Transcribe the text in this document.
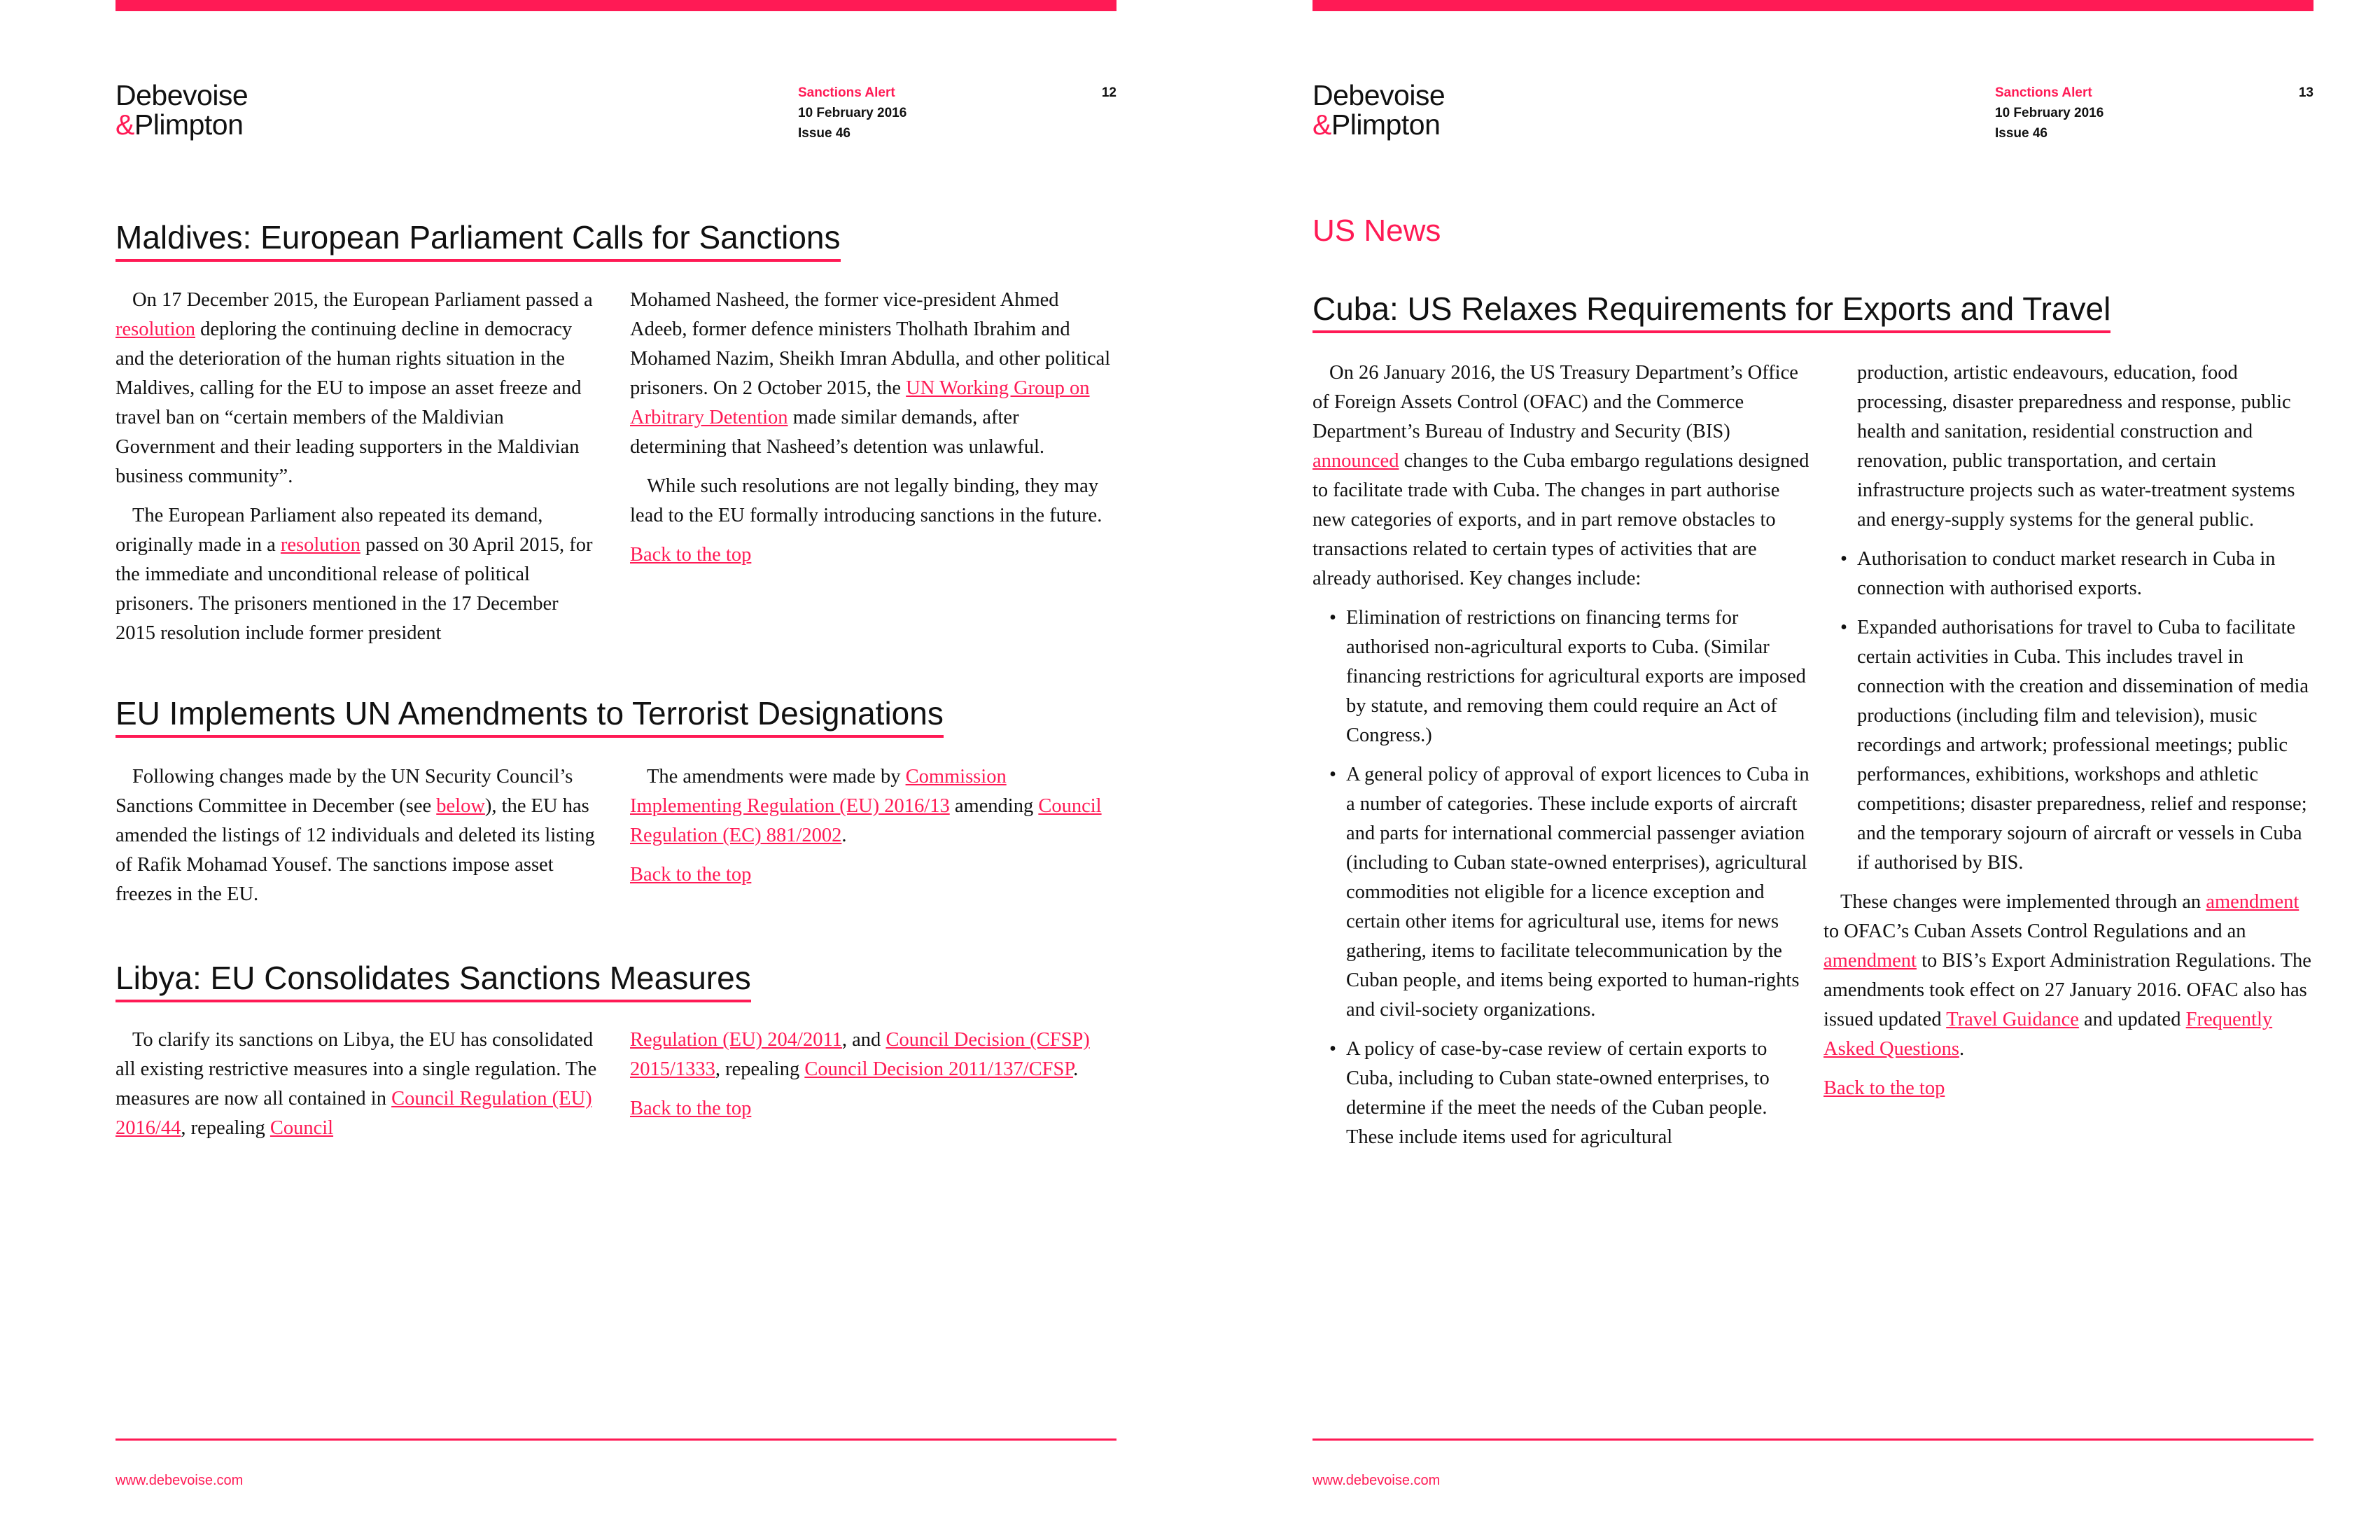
Debevoise
&Plimpton
Sanctions Alert
10 February 2016
Issue 46
12
Maldives: European Parliament Calls for Sanctions

On 17 December 2015, the European Parliament passed a resolution deploring the continuing decline in democracy and the deterioration of the human rights situation in the Maldives, calling for the EU to impose an asset freeze and travel ban on “certain members of the Maldivian Government and their leading supporters in the Maldivian business community”.

The European Parliament also repeated its demand, originally made in a resolution passed on 30 April 2015, for the immediate and unconditional release of political prisoners. The prisoners mentioned in the 17 December 2015 resolution include former president

Mohamed Nasheed, the former vice-president Ahmed Adeeb, former defence ministers Tholhath Ibrahim and Mohamed Nazim, Sheikh Imran Abdulla, and other political prisoners. On 2 October 2015, the UN Working Group on Arbitrary Detention made similar demands, after determining that Nasheed’s detention was unlawful.

While such resolutions are not legally binding, they may lead to the EU formally introducing sanctions in the future.

Back to the top

EU Implements UN Amendments to Terrorist Designations

Following changes made by the UN Security Council’s Sanctions Committee in December (see below), the EU has amended the listings of 12 individuals and deleted its listing of Rafik Mohamad Yousef. The sanctions impose asset freezes in the EU.

The amendments were made by Commission Implementing Regulation (EU) 2016/13 amending Council Regulation (EC) 881/2002.

Back to the top

Libya: EU Consolidates Sanctions Measures

To clarify its sanctions on Libya, the EU has consolidated all existing restrictive measures into a single regulation. The measures are now all contained in Council Regulation (EU) 2016/44, repealing Council

Regulation (EU) 204/2011, and Council Decision (CFSP) 2015/1333, repealing Council Decision 2011/137/CFSP.

Back to the top

www.debevoise.com
Debevoise
&Plimpton
Sanctions Alert
10 February 2016
Issue 46
13
US News
Cuba: US Relaxes Requirements for Exports and Travel

On 26 January 2016, the US Treasury Department’s Office of Foreign Assets Control (OFAC) and the Commerce Department’s Bureau of Industry and Security (BIS) announced changes to the Cuba embargo regulations designed to facilitate trade with Cuba. The changes in part authorise new categories of exports, and in part remove obstacles to transactions related to certain types of activities that are already authorised. Key changes include:

• Elimination of restrictions on financing terms for authorised non-agricultural exports to Cuba. (Similar financing restrictions for agricultural exports are imposed by statute, and removing them could require an Act of Congress.)
• A general policy of approval of export licences to Cuba in a number of categories. These include exports of aircraft and parts for international commercial passenger aviation (including to Cuban state-owned enterprises), agricultural commodities not eligible for a licence exception and certain other items for agricultural use, items for news gathering, items to facilitate telecommunication by the Cuban people, and items being exported to human-rights and civil-society organizations.
• A policy of case-by-case review of certain exports to Cuba, including to Cuban state-owned enterprises, to determine if the meet the needs of the Cuban people. These include items used for agricultural
production, artistic endeavours, education, food processing, disaster preparedness and response, public health and sanitation, residential construction and renovation, public transportation, and certain infrastructure projects such as water-treatment systems and energy-supply systems for the general public.
• Authorisation to conduct market research in Cuba in connection with authorised exports.
• Expanded authorisations for travel to Cuba to facilitate certain activities in Cuba. This includes travel in connection with the creation and dissemination of media productions (including film and television), music recordings and artwork; professional meetings; public performances, exhibitions, workshops and athletic competitions; disaster preparedness, relief and response; and the temporary sojourn of aircraft or vessels in Cuba if authorised by BIS.

These changes were implemented through an amendment to OFAC’s Cuban Assets Control Regulations and an amendment to BIS’s Export Administration Regulations. The amendments took effect on 27 January 2016. OFAC also has issued updated Travel Guidance and updated Frequently Asked Questions.

Back to the top

www.debevoise.com
